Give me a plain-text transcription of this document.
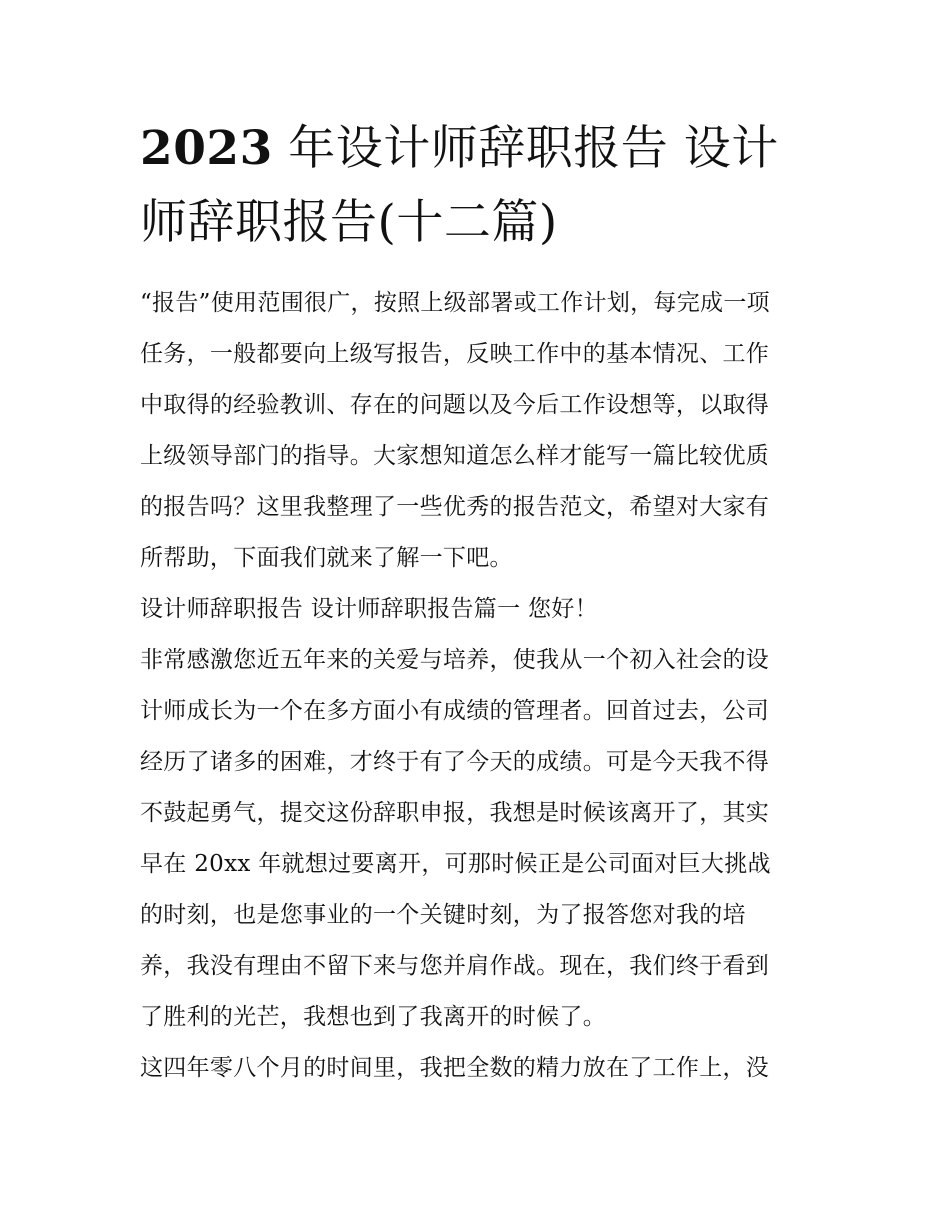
2023 年设计师辞职报告 设计
师辞职报告(十二篇)
“报告”使用范围很广，按照上级部署或工作计划，每完成一项
任务，一般都要向上级写报告，反映工作中的基本情况、工作
中取得的经验教训、存在的问题以及今后工作设想等，以取得
上级领导部门的指导。大家想知道怎么样才能写一篇比较优质
的报告吗？这里我整理了一些优秀的报告范文，希望对大家有
所帮助，下面我们就来了解一下吧。
设计师辞职报告 设计师辞职报告篇一 您好！
非常感激您近五年来的关爱与培养，使我从一个初入社会的设
计师成长为一个在多方面小有成绩的管理者。回首过去，公司
经历了诸多的困难，才终于有了今天的成绩。可是今天我不得
不鼓起勇气，提交这份辞职申报，我想是时候该离开了，其实
早在 20xx 年就想过要离开，可那时候正是公司面对巨大挑战
的时刻，也是您事业的一个关键时刻，为了报答您对我的培
养，我没有理由不留下来与您并肩作战。现在，我们终于看到
了胜利的光芒，我想也到了我离开的时候了。
这四年零八个月的时间里，我把全数的精力放在了工作上，没
